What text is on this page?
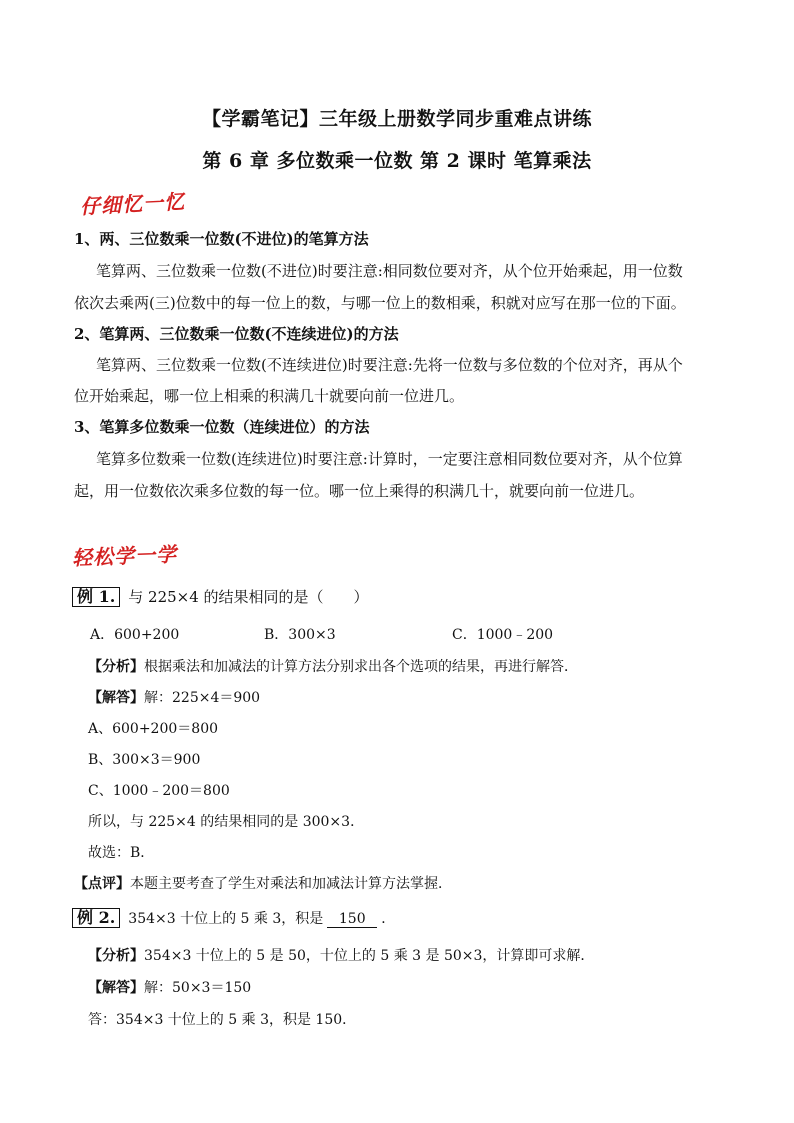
【学霸笔记】三年级上册数学同步重难点讲练
第 6 章 多位数乘一位数 第 2 课时 笔算乘法
仔细忆一忆
1、两、三位数乘一位数(不进位)的笔算方法
笔算两、三位数乘一位数(不进位)时要注意:相同数位要对齐，从个位开始乘起，用一位数
依次去乘两(三)位数中的每一位上的数，与哪一位上的数相乘，积就对应写在那一位的下面。
2、笔算两、三位数乘一位数(不连续进位)的方法
笔算两、三位数乘一位数(不连续进位)时要注意:先将一位数与多位数的个位对齐，再从个
位开始乘起，哪一位上相乘的积满几十就要向前一位进几。
3、笔算多位数乘一位数（连续进位）的方法
笔算多位数乘一位数(连续进位)时要注意:计算时，一定要注意相同数位要对齐，从个位算
起，用一位数依次乘多位数的每一位。哪一位上乘得的积满几十，就要向前一位进几。
轻松学一学
例 1. 与 225×4 的结果相同的是（　　）
A．600+200	B．300×3	C．1000﹣200
【分析】根据乘法和加减法的计算方法分别求出各个选项的结果，再进行解答．
【解答】解：225×4＝900
A、600+200＝800
B、300×3＝900
C、1000﹣200＝800
所以，与 225×4 的结果相同的是 300×3．
故选：B．
【点评】本题主要考查了学生对乘法和加减法计算方法掌握．
例 2. 354×3 十位上的 5 乘 3，积是 150 ．
【分析】354×3 十位上的 5 是 50，十位上的 5 乘 3 是 50×3，计算即可求解．
【解答】解：50×3＝150
答：354×3 十位上的 5 乘 3，积是 150．
